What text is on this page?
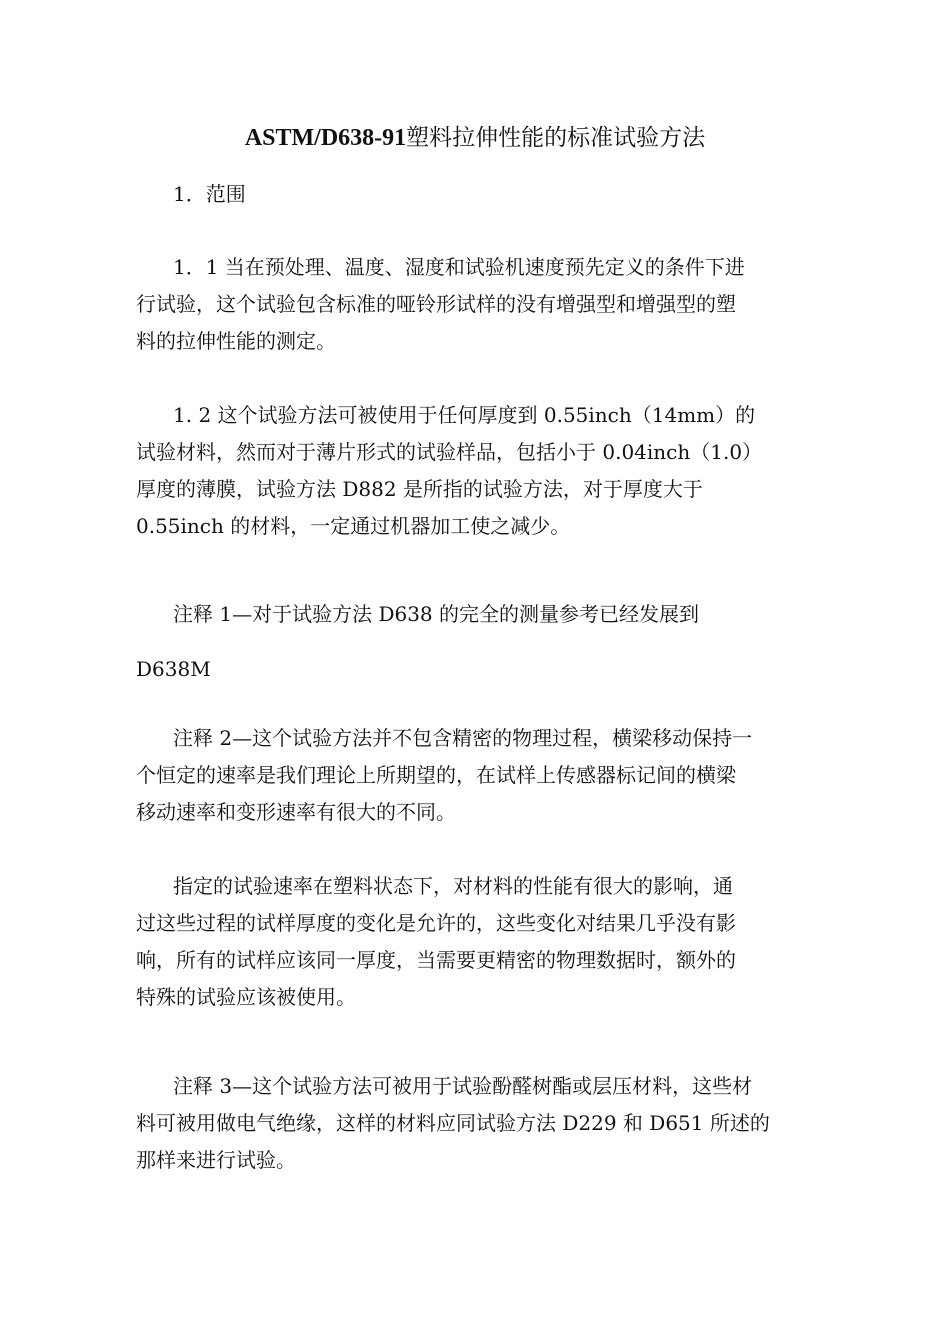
ASTM/D638-91塑料拉伸性能的标准试验方法
1．范围
1．1 当在预处理、温度、湿度和试验机速度预先定义的条件下进
行试验，这个试验包含标准的哑铃形试样的没有增强型和增强型的塑
料的拉伸性能的测定。
1. 2 这个试验方法可被使用于任何厚度到 0.55inch（14mm）的
试验材料，然而对于薄片形式的试验样品，包括小于 0.04inch（1.0）
厚度的薄膜，试验方法 D882 是所指的试验方法，对于厚度大于
0.55inch 的材料，一定通过机器加工使之减少。
注释 1—对于试验方法 D638 的完全的测量参考已经发展到
D638M
注释 2—这个试验方法并不包含精密的物理过程，横梁移动保持一
个恒定的速率是我们理论上所期望的，在试样上传感器标记间的横梁
移动速率和变形速率有很大的不同。
指定的试验速率在塑料状态下，对材料的性能有很大的影响，通
过这些过程的试样厚度的变化是允许的，这些变化对结果几乎没有影
响，所有的试样应该同一厚度，当需要更精密的物理数据时，额外的
特殊的试验应该被使用。
注释 3—这个试验方法可被用于试验酚醛树酯或层压材料，这些材
料可被用做电气绝缘，这样的材料应同试验方法 D229 和 D651 所述的
那样来进行试验。
